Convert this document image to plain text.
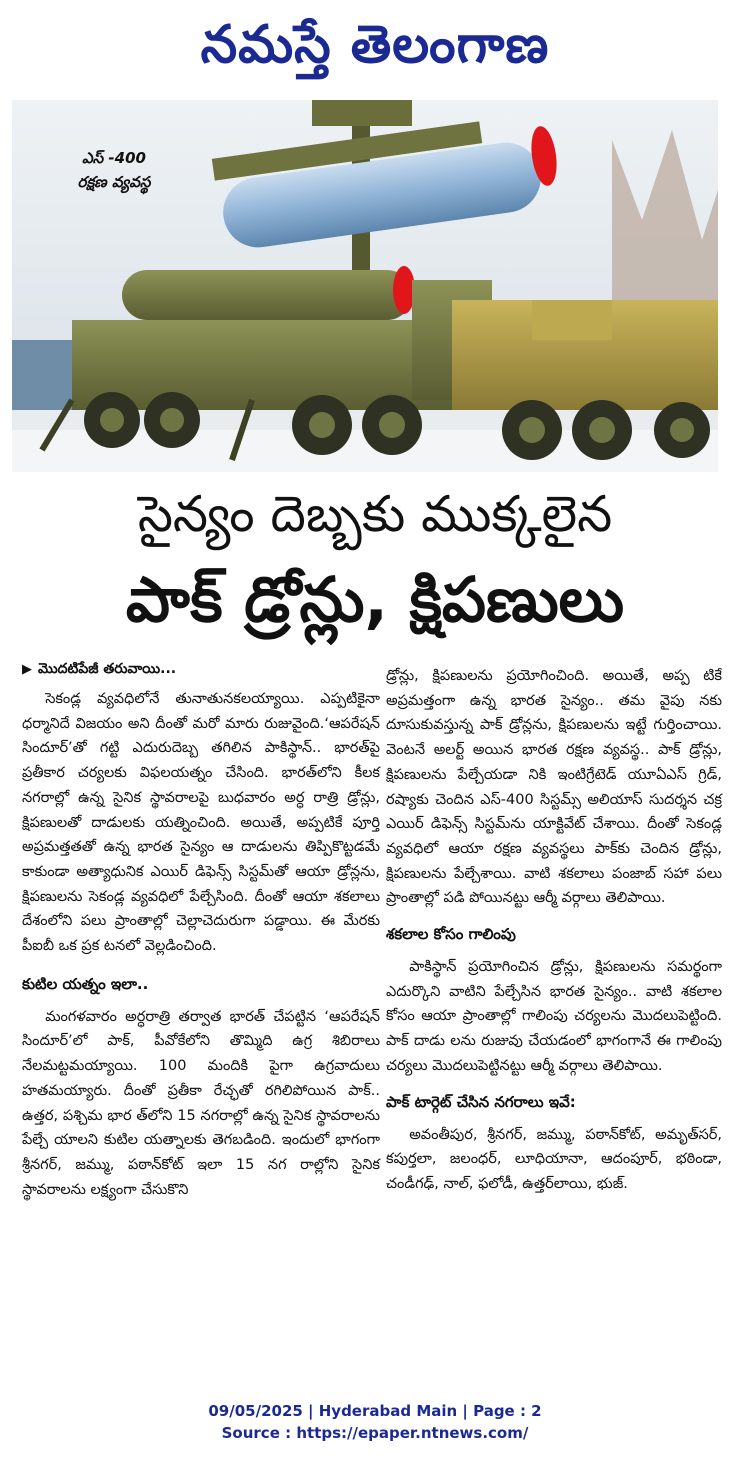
నమస్తే తెలంగాణ
ఎస్‌ -400
రక్షణ వ్యవస్థ
సైన్యం దెబ్బకు ముక్కలైన
పాక్‌ డ్రోన్లు, క్షిపణులు
▶ మొదటిపేజీ తరువాయి...

సెకండ్ల వ్యవధిలోనే తునాతునకలయ్యాయి. ఎప్పటికైనా ధర్మానిదే విజయం అని దీంతో మరో మారు రుజువైంది.‘ఆపరేషన్‌ సిందూర్‌’తో గట్టి ఎదురుదెబ్బ తగిలిన పాకిస్థాన్‌.. భారత్‌పై ప్రతీకార చర్యలకు విఫలయత్నం చేసింది. భారత్‌లోని కీలక నగరాల్లో ఉన్న సైనిక స్థావరాలపై బుధవారం అర్ధ రాత్రి డ్రోన్లు, క్షిపణులతో దాడులకు యత్నించింది. అయితే, అప్పటికే పూర్తి అప్రమత్తతతో ఉన్న భారత సైన్యం ఆ దాడులను తిప్పికొట్టడమే కాకుండా అత్యాధునిక ఎయిర్‌ డిఫెన్స్‌ సిస్టమ్‌తో ఆయా డ్రోన్లను, క్షిపణులను సెకండ్ల వ్యవధిలో పేల్చేసింది. దీంతో ఆయా శకలాలు దేశంలోని పలు ప్రాంతాల్లో చెల్లాచెదురుగా పడ్డాయి. ఈ మేరకు పీఐబీ ఒక ప్రక టనలో వెల్లడించింది.

కుటిల యత్నం ఇలా..

మంగళవారం అర్ధరాత్రి తర్వాత భారత్‌ చేపట్టిన ‘ఆపరేషన్‌ సిందూర్‌’లో పాక్‌, పీవోకేలోని తొమ్మిది ఉగ్ర శిబిరాలు నేలమట్టమయ్యాయి. 100 మందికి పైగా ఉగ్రవాదులు హతమయ్యారు. దీంతో ప్రతీకా రేచ్ఛతో రగిలిపోయిన పాక్‌.. ఉత్తర, పశ్చిమ భార త్‌లోని 15 నగరాల్లో ఉన్న సైనిక స్థావరాలను పేల్చే యాలని కుటిల యత్నాలకు తెగబడింది. ఇందులో భాగంగా శ్రీనగర్‌, జమ్ము, పఠాన్‌కోట్‌ ఇలా 15 నగ రాల్లోని సైనిక స్థావరాలను లక్ష్యంగా చేసుకొని

డ్రోన్లు, క్షిపణులను ప్రయోగించింది. అయితే, అప్ప టికే అప్రమత్తంగా ఉన్న భారత సైన్యం.. తమ వైపు నకు దూసుకువస్తున్న పాక్‌ డ్రోన్లను, క్షిపణులను ఇట్టే గుర్తించాయి. వెంటనే అలర్ట్‌ అయిన భారత రక్షణ వ్యవస్థ.. పాక్‌ డ్రోన్లు, క్షిపణులను పేల్చేయడా నికి ఇంటిగ్రేటెడ్‌ యూఏఎస్‌ గ్రిడ్‌, రష్యాకు చెందిన ఎస్‌-400 సిస్టమ్స్‌ అలియాస్‌ సుదర్శన చక్ర ఎయిర్‌ డిఫెన్స్‌ సిస్టమ్‌ను యాక్టివేట్‌ చేశాయి. దీంతో సెకండ్ల వ్యవధిలో ఆయా రక్షణ వ్యవస్థలు పాక్‌కు చెందిన డ్రోన్లు, క్షిపణులను పేల్చేశాయి. వాటి శకలాలు పంజాబ్‌ సహా పలు ప్రాంతాల్లో పడి పోయినట్టు ఆర్మీ వర్గాలు తెలిపాయి.

శకలాల కోసం గాలింపు

పాకిస్థాన్‌ ప్రయోగించిన డ్రోన్లు, క్షిపణులను సమర్థంగా ఎదుర్కొని వాటిని పేల్చేసిన భారత సైన్యం.. వాటి శకలాల కోసం ఆయా ప్రాంతాల్లో గాలింపు చర్యలను మొదలుపెట్టింది. పాక్‌ దాడు లను రుజువు చేయడంలో భాగంగానే ఈ గాలింపు చర్యలు మొదలుపెట్టినట్టు ఆర్మీ వర్గాలు తెలిపాయి.

పాక్‌ టార్గెట్‌ చేసిన నగరాలు ఇవే:

అవంతీపుర, శ్రీనగర్‌, జమ్ము, పఠాన్‌కోట్‌, అమృత్‌సర్‌, కపుర్తలా, జలంధర్‌, లూధియానా, ఆదంపూర్‌, భఠిండా, చండీగఢ్‌, నాల్‌, ఫలోడీ, ఉత్తర్‌లాయి, భుజ్‌.

09/05/2025 | Hyderabad Main | Page : 2
Source : https://epaper.ntnews.com/
